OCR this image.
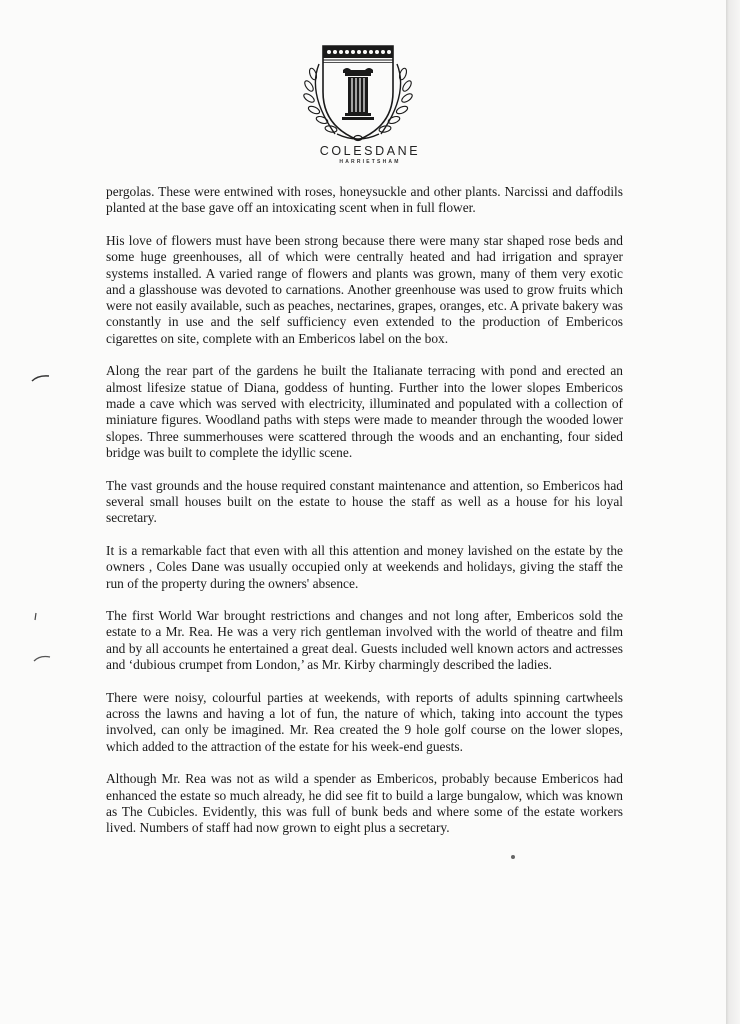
COLESDANE
HARRIETSHAM

pergolas. These were entwined with roses, honeysuckle and other plants. Narcissi and daffodils planted at the base gave off an intoxicating scent when in full flower.

His love of flowers must have been strong because there were many star shaped rose beds and some huge greenhouses, all of which were centrally heated and had irrigation and sprayer systems installed. A varied range of flowers and plants was grown, many of them very exotic and a glasshouse was devoted to carnations. Another greenhouse was used to grow fruits which were not easily available, such as peaches, nectarines, grapes, oranges, etc. A private bakery was constantly in use and the self sufficiency even extended to the production of Embericos cigarettes on site, complete with an Embericos label on the box.

Along the rear part of the gardens he built the Italianate terracing with pond and erected an almost lifesize statue of Diana, goddess of hunting. Further into the lower slopes Embericos made a cave which was served with electricity, illuminated and populated with a collection of miniature figures. Woodland paths with steps were made to meander through the wooded lower slopes. Three summerhouses were scattered through the woods and an enchanting, four sided bridge was built to complete the idyllic scene.

The vast grounds and the house required constant maintenance and attention, so Embericos had several small houses built on the estate to house the staff as well as a house for his loyal secretary.

It is a remarkable fact that even with all this attention and money lavished on the estate by the owners , Coles Dane was usually occupied only at weekends and holidays, giving the staff the run of the property during the owners' absence.

The first World War brought restrictions and changes and not long after, Embericos sold the estate to a Mr. Rea. He was a very rich gentleman involved with the world of theatre and film and by all accounts he entertained a great deal. Guests included well known actors and actresses and ‘dubious crumpet from London,’ as Mr. Kirby charmingly described the ladies.

There were noisy, colourful parties at weekends, with reports of adults spinning cartwheels across the lawns and having a lot of fun, the nature of which, taking into account the types involved, can only be imagined. Mr. Rea created the 9 hole golf course on the lower slopes, which added to the attraction of the estate for his week-end guests.

Although Mr. Rea was not as wild a spender as Embericos, probably because Embericos had enhanced the estate so much already, he did see fit to build a large bungalow, which was known as The Cubicles. Evidently, this was full of bunk beds and where some of the estate workers lived. Numbers of staff had now grown to eight plus a secretary.
